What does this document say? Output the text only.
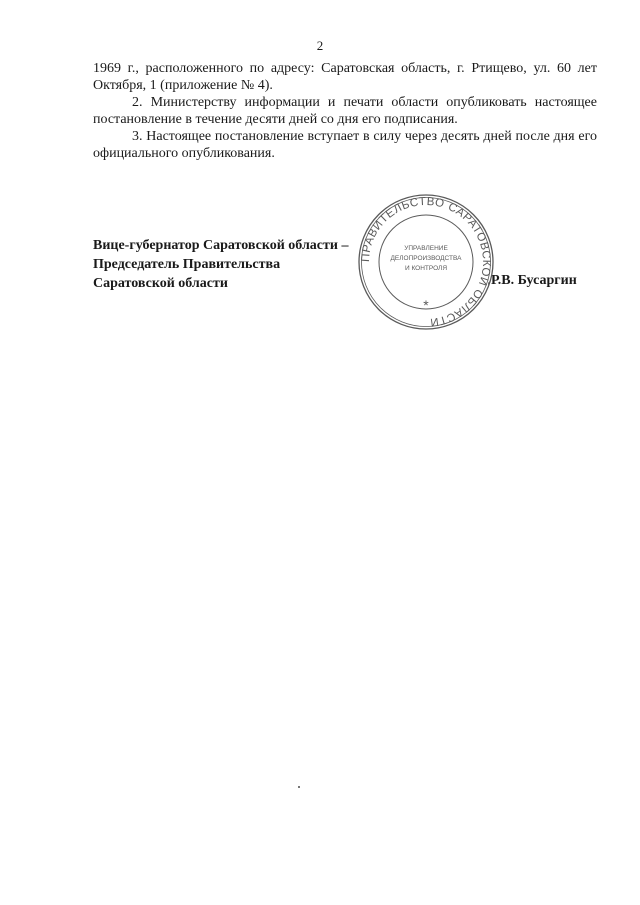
2

1969 г., расположенного по адресу: Саратовская область, г. Ртищево, ул. 60 лет Октября, 1 (приложение № 4).

2. Министерству информации и печати области опубликовать настоящее постановление в течение десяти дней со дня его подписания.

3. Настоящее постановление вступает в силу через десять дней после дня его официального опубликования.

Вице-губернатор Саратовской области –
Председатель Правительства
Саратовской области	Р.В. Бусаргин
ПРАВИТЕЛЬСТВО САРАТОВСКОЙ ОБЛАСТИ
УПРАВЛЕНИЕ
ДЕЛОПРОИЗВОДСТВА
И КОНТРОЛЯ
*
